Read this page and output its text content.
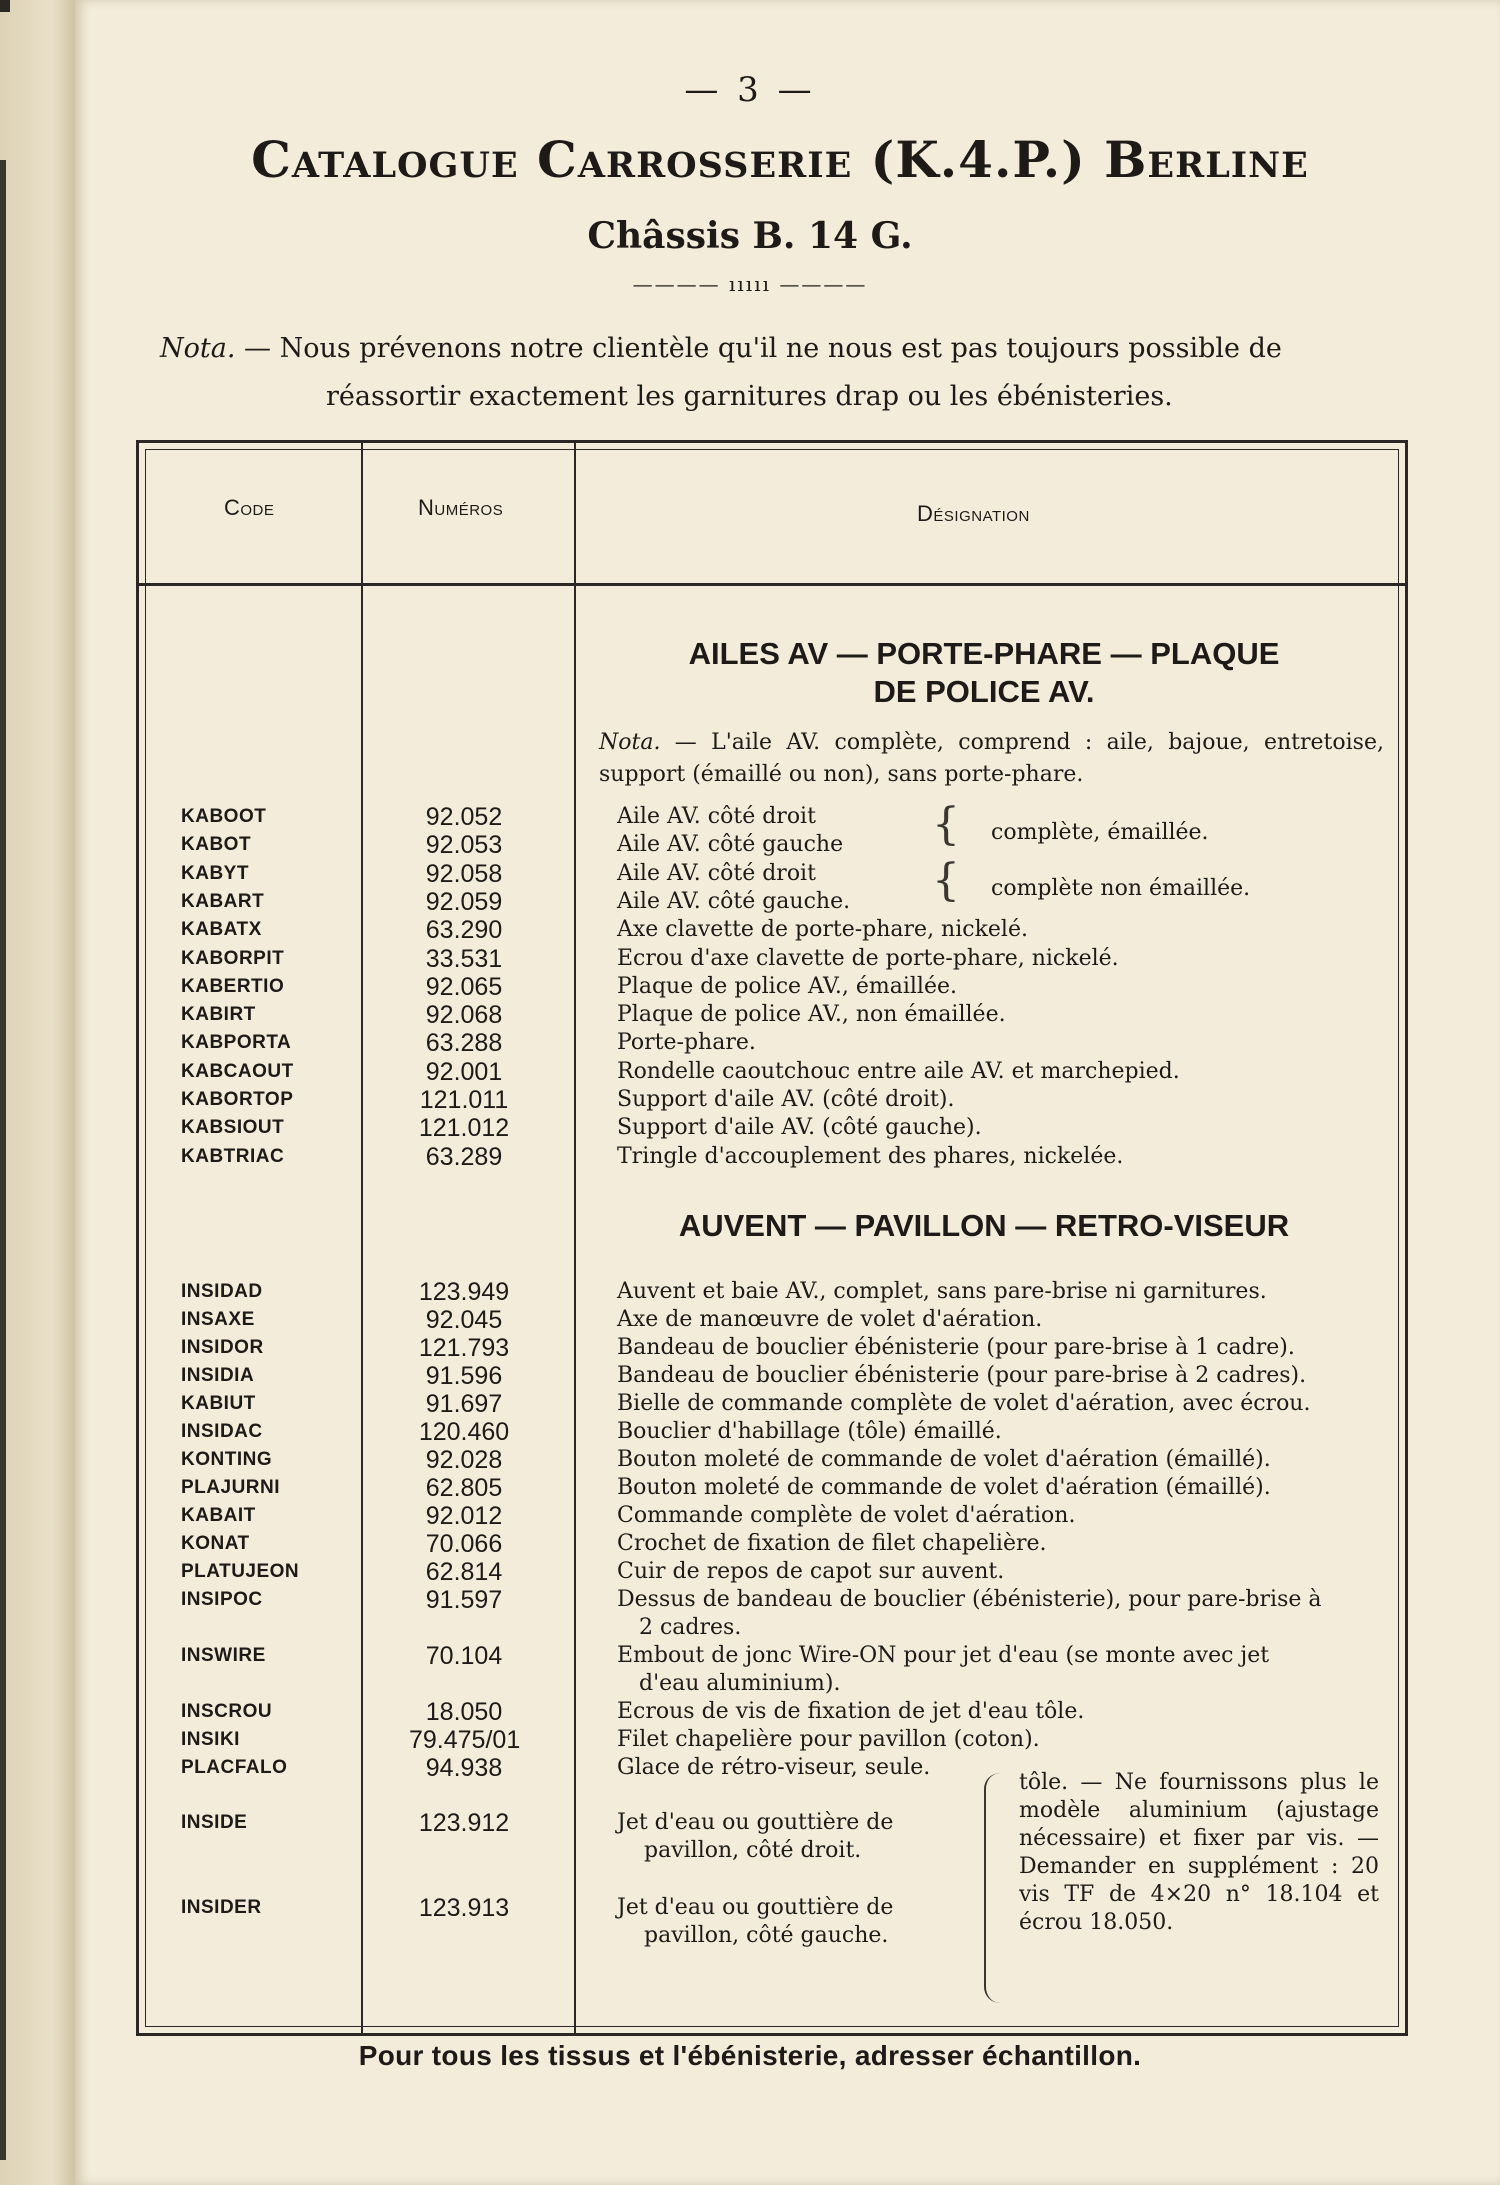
— 3 —
Catalogue Carrosserie (K.4.P.) Berline
Châssis B. 14 G.
———— ııııı ————
Nota. — Nous prévenons notre clientèle qu'il ne nous est pas toujours possible de
réassortir exactement les garnitures drap ou les ébénisteries.
Code	Numéros	Désignation
AILES AV — PORTE-PHARE — PLAQUE
DE POLICE AV.
Nota. — L'aile AV. complète, comprend : aile, bajoue, entretoise, support (émaillé ou non), sans porte-phare.
KABOOT	92.052	Aile AV. côté droit
KABOT	92.053	Aile AV. côté gauche
KABYT	92.058	Aile AV. côté droit
KABART	92.059	Aile AV. côté gauche.
KABATX	63.290	Axe clavette de porte-phare, nickelé.
KABORPIT	33.531	Ecrou d'axe clavette de porte-phare, nickelé.
KABERTIO	92.065	Plaque de police AV., émaillée.
KABIRT	92.068	Plaque de police AV., non émaillée.
KABPORTA	63.288	Porte-phare.
KABCAOUT	92.001	Rondelle caoutchouc entre aile AV. et marchepied.
KABORTOP	121.011	Support d'aile AV. (côté droit).
KABSIOUT	121.012	Support d'aile AV. (côté gauche).
KABTRIAC	63.289	Tringle d'accouplement des phares, nickelée.
complète, émaillée.
complète non émaillée.
{
{
AUVENT — PAVILLON — RETRO-VISEUR
INSIDAD	123.949	Auvent et baie AV., complet, sans pare-brise ni garnitures.
INSAXE	92.045	Axe de manœuvre de volet d'aération.
INSIDOR	121.793	Bandeau de bouclier ébénisterie (pour pare-brise à 1 cadre).
INSIDIA	91.596	Bandeau de bouclier ébénisterie (pour pare-brise à 2 cadres).
KABIUT	91.697	Bielle de commande complète de volet d'aération, avec écrou.
INSIDAC	120.460	Bouclier d'habillage (tôle) émaillé.
KONTING	92.028	Bouton moleté de commande de volet d'aération (émaillé).
PLAJURNI	62.805	Bouton moleté de commande de volet d'aération (émaillé).
KABAIT	92.012	Commande complète de volet d'aération.
KONAT	70.066	Crochet de fixation de filet chapelière.
PLATUJEON	62.814	Cuir de repos de capot sur auvent.
INSIPOC	91.597	Dessus de bandeau de bouclier (ébénisterie), pour pare-brise à
2 cadres.
INSWIRE	70.104	Embout de jonc Wire-ON pour jet d'eau (se monte avec jet
d'eau aluminium).
INSCROU	18.050	Ecrous de vis de fixation de jet d'eau tôle.
INSIKI	79.475/01	Filet chapelière pour pavillon (coton).
PLACFALO	94.938	Glace de rétro-viseur, seule.
INSIDE	123.912	Jet d'eau ou gouttière de
pavillon, côté droit.
INSIDER	123.913	Jet d'eau ou gouttière de
pavillon, côté gauche.
tôle. — Ne fournissons plus le modèle aluminium (ajustage nécessaire) et fixer par vis. — Demander en supplément : 20 vis TF de 4×20 n° 18.104 et écrou 18.050.
Pour tous les tissus et l'ébénisterie, adresser échantillon.
